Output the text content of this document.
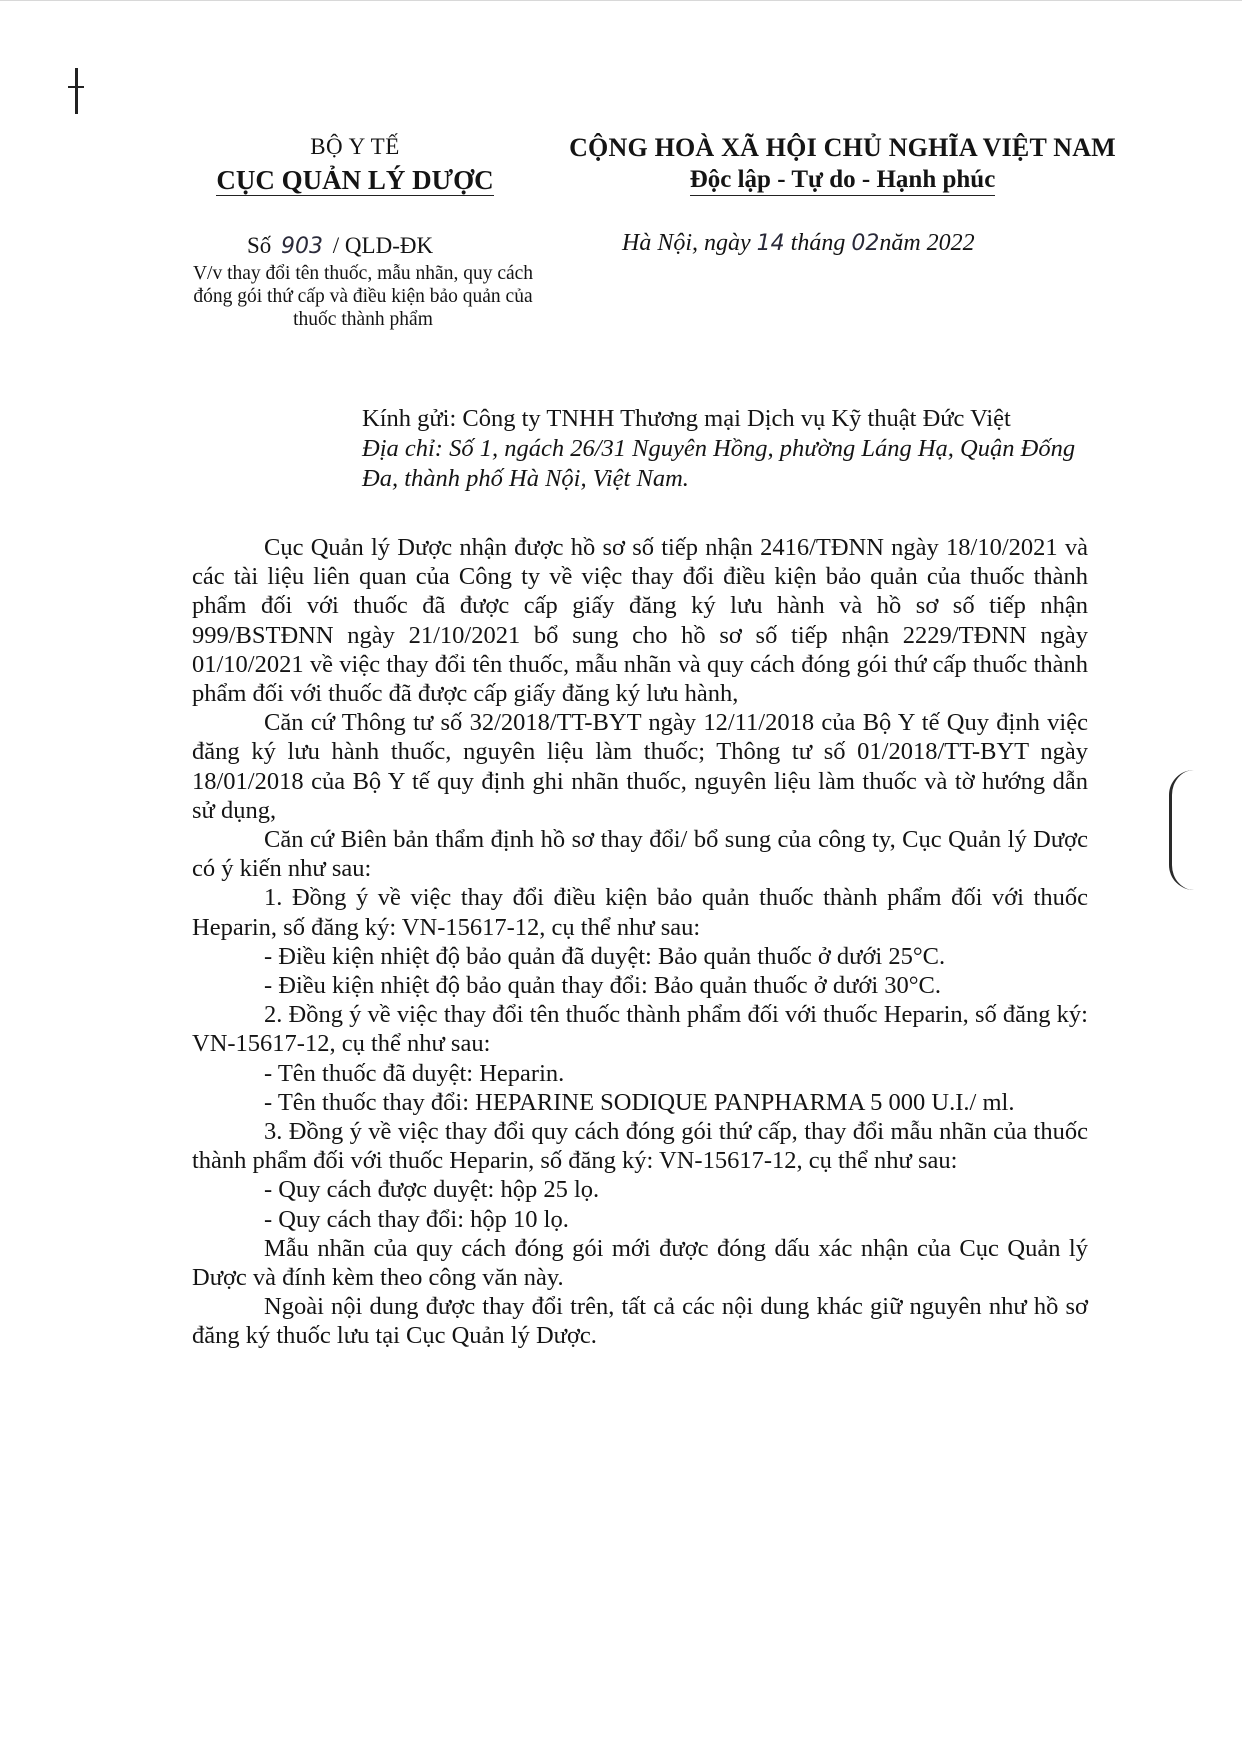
BỘ Y TẾ
CỤC QUẢN LÝ DƯỢC
CỘNG HOÀ XÃ HỘI CHỦ NGHĨA VIỆT NAM
Độc lập - Tự do - Hạnh phúc
Số 903 / QLD-ĐK
V/v thay đổi tên thuốc, mẫu nhãn, quy cách đóng gói thứ cấp và điều kiện bảo quản của thuốc thành phẩm
Hà Nội, ngày 14 tháng 02năm 2022
Kính gửi: Công ty TNHH Thương mại Dịch vụ Kỹ thuật Đức Việt
Địa chỉ: Số 1, ngách 26/31 Nguyên Hồng, phường Láng Hạ, Quận Đống Đa, thành phố Hà Nội, Việt Nam.

Cục Quản lý Dược nhận được hồ sơ số tiếp nhận 2416/TĐNN ngày 18/10/2021 và các tài liệu liên quan của Công ty về việc thay đổi điều kiện bảo quản của thuốc thành phẩm đối với thuốc đã được cấp giấy đăng ký lưu hành và hồ sơ số tiếp nhận 999/BSTĐNN ngày 21/10/2021 bổ sung cho hồ sơ số tiếp nhận 2229/TĐNN ngày 01/10/2021 về việc thay đổi tên thuốc, mẫu nhãn và quy cách đóng gói thứ cấp thuốc thành phẩm đối với thuốc đã được cấp giấy đăng ký lưu hành,

Căn cứ Thông tư số 32/2018/TT-BYT ngày 12/11/2018 của Bộ Y tế Quy định việc đăng ký lưu hành thuốc, nguyên liệu làm thuốc; Thông tư số 01/2018/TT-BYT ngày 18/01/2018 của Bộ Y tế quy định ghi nhãn thuốc, nguyên liệu làm thuốc và tờ hướng dẫn sử dụng,

Căn cứ Biên bản thẩm định hồ sơ thay đổi/ bổ sung của công ty, Cục Quản lý Dược có ý kiến như sau:

1. Đồng ý về việc thay đổi điều kiện bảo quản thuốc thành phẩm đối với thuốc Heparin, số đăng ký: VN-15617-12, cụ thể như sau:

- Điều kiện nhiệt độ bảo quản đã duyệt: Bảo quản thuốc ở dưới 25°C.

- Điều kiện nhiệt độ bảo quản thay đổi: Bảo quản thuốc ở dưới 30°C.

2. Đồng ý về việc thay đổi tên thuốc thành phẩm đối với thuốc Heparin, số đăng ký: VN-15617-12, cụ thể như sau:

- Tên thuốc đã duyệt: Heparin.

- Tên thuốc thay đổi: HEPARINE SODIQUE PANPHARMA 5 000 U.I./ ml.

3. Đồng ý về việc thay đổi quy cách đóng gói thứ cấp, thay đổi mẫu nhãn của thuốc thành phẩm đối với thuốc Heparin, số đăng ký: VN-15617-12, cụ thể như sau:

- Quy cách được duyệt: hộp 25 lọ.

- Quy cách thay đổi: hộp 10 lọ.

Mẫu nhãn của quy cách đóng gói mới được đóng dấu xác nhận của Cục Quản lý Dược và đính kèm theo công văn này.

Ngoài nội dung được thay đổi trên, tất cả các nội dung khác giữ nguyên như hồ sơ đăng ký thuốc lưu tại Cục Quản lý Dược.
